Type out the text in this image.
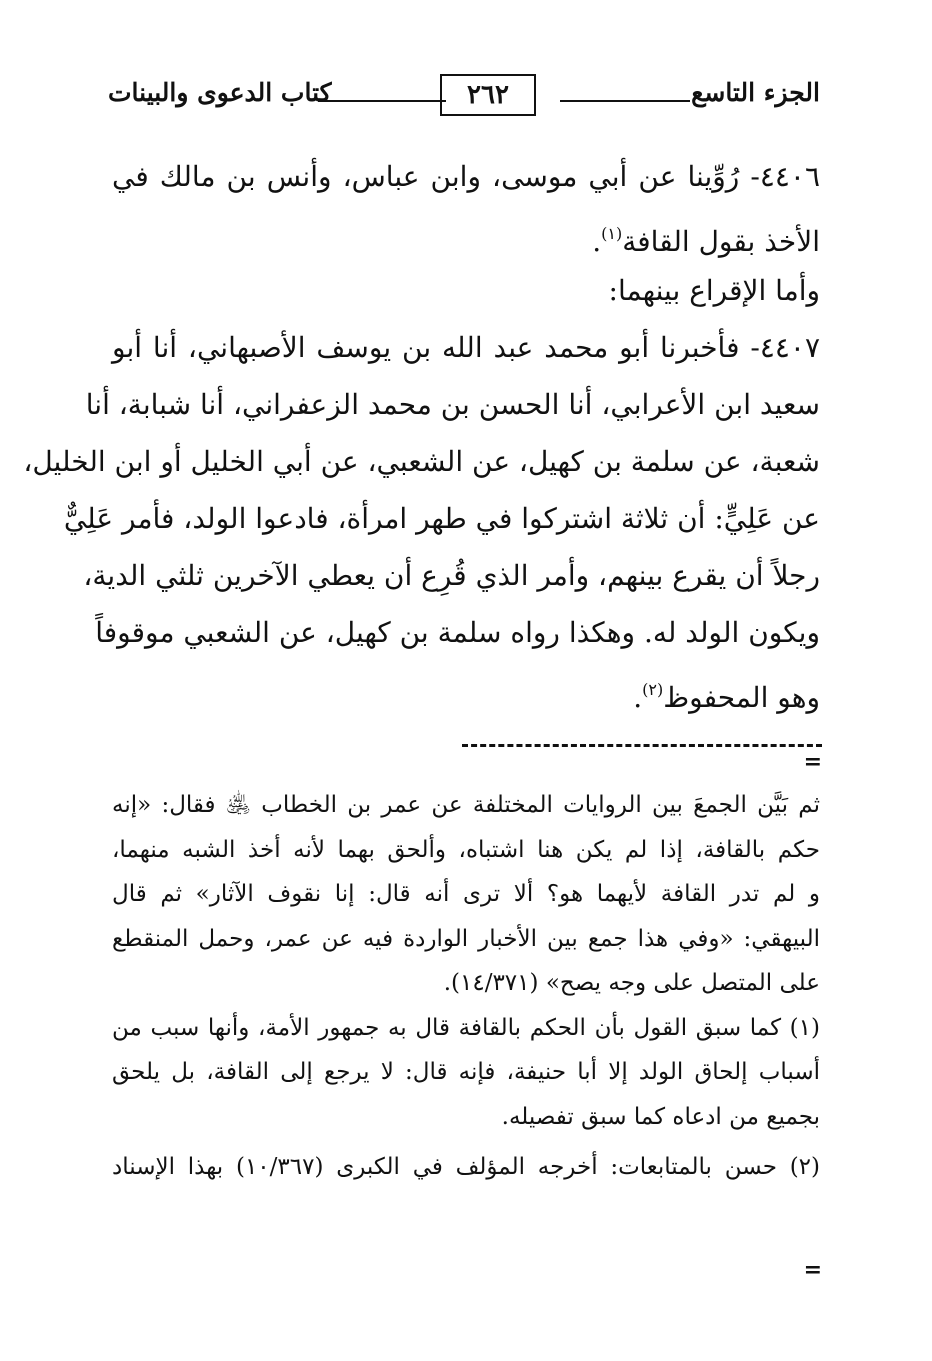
الجزء التاسع
٢٦٢
كتاب الدعوى والبينات
٤٤٠٦- رُوِّينا عن أبي موسى، وابن عباس، وأنس بن مالك في
الأخذ بقول القافة$^{(١)}$.
وأما الإقراع بينهما:
٤٤٠٧- فأخبرنا أبو محمد عبد الله بن يوسف الأصبهاني، أنا أبو
سعيد ابن الأعرابي، أنا الحسن بن محمد الزعفراني، أنا شبابة، أنا
شعبة، عن سلمة بن كهيل، عن الشعبي، عن أبي الخليل أو ابن الخليل،
عن عَلِيٍّ: أن ثلاثة اشتركوا في طهر امرأة، فادعوا الولد، فأمر عَلِيٌّ
رجلاً أن يقرع بينهم، وأمر الذي قُرِع أن يعطي الآخرين ثلثي الدية،
ويكون الولد له. وهكذا رواه سلمة بن كهيل، عن الشعبي موقوفاً
وهو المحفوظ$^{(٢)}$.
=
ثم بَيَّن الجمعَ بين الروايات المختلفة عن عمر بن الخطاب ﵁ فقال: «إنه
حكم بالقافة، إذا لم يكن هنا اشتباه، وألحق بهما لأنه أخذ الشبه منهما،
و لم تدر القافة لأيهما هو؟ ألا ترى أنه قال: إنا نقوف الآثار» ثم قال
البيهقي: «وفي هذا جمع بين الأخبار الواردة فيه عن عمر، وحمل المنقطع
على المتصل على وجه يصح» (١٤/٣٧١).
(١) كما سبق القول بأن الحكم بالقافة قال به جمهور الأمة، وأنها سبب من
أسباب إلحاق الولد إلا أبا حنيفة، فإنه قال: لا يرجع إلى القافة، بل يلحق
بجميع من ادعاه كما سبق تفصيله.
(٢) حسن بالمتابعات: أخرجه المؤلف في الكبرى (١٠/٣٦٧) بهذا الإسناد
=
